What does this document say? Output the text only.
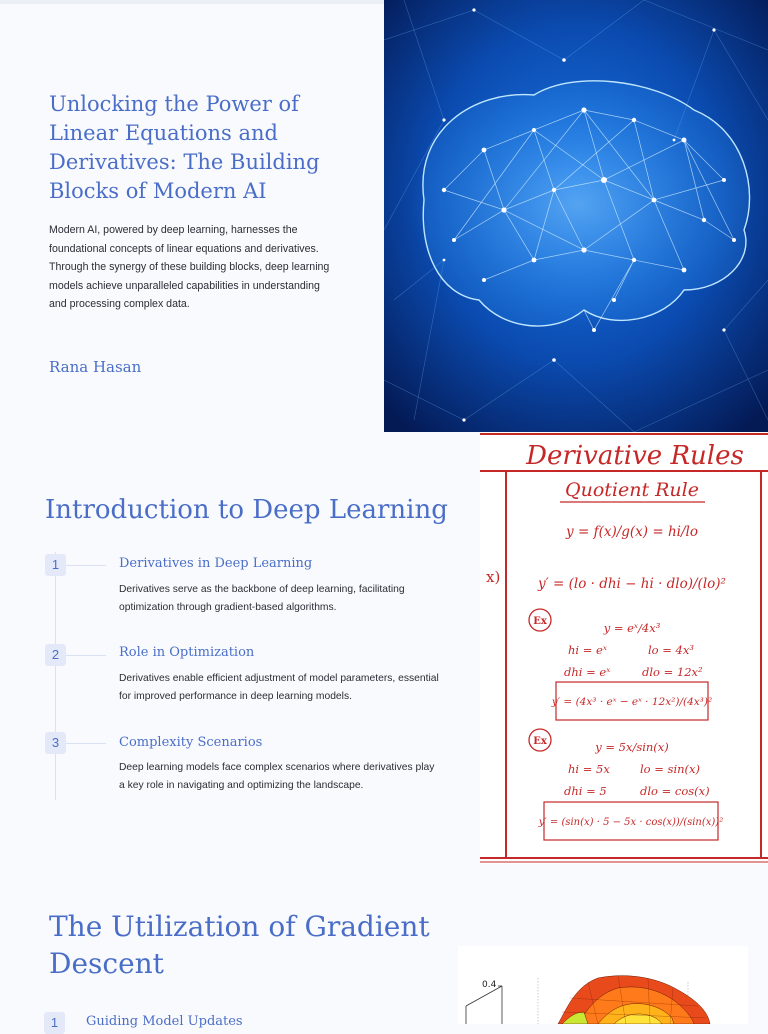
Unlocking the Power of Linear Equations and Derivatives: The Building Blocks of Modern AI

Modern AI, powered by deep learning, harnesses the foundational concepts of linear equations and derivatives. Through the synergy of these building blocks, deep learning models achieve unparalleled capabilities in understanding and processing complex data.

Rana Hasan

Introduction to Deep Learning
1	Derivatives in Deep Learning

Derivatives serve as the backbone of deep learning, facilitating optimization through gradient-based algorithms.

2	Role in Optimization

Derivatives enable efficient adjustment of model parameters, essential for improved performance in deep learning models.

3	Complexity Scenarios

Deep learning models face complex scenarios where derivatives play a key role in navigating and optimizing the landscape.

Derivative Rules
Quotient Rule
y = f(x)/g(x) = hi/lo
y′ = (lo · dhi − hi · dlo)/(lo)²
x)
Ex
Ex
y = eˣ/4x³
hi = eˣ	lo = 4x³
dhi = eˣ	dlo = 12x²
y′ = (4x³ · eˣ − eˣ · 12x²)/(4x³)²
y = 5x/sin(x)
hi = 5x	lo = sin(x)
dhi = 5	dlo = cos(x)
y′ = (sin(x) · 5 − 5x · cos(x))/(sin(x))²
The Utilization of Gradient Descent
1	Guiding Model Updates
0.4
